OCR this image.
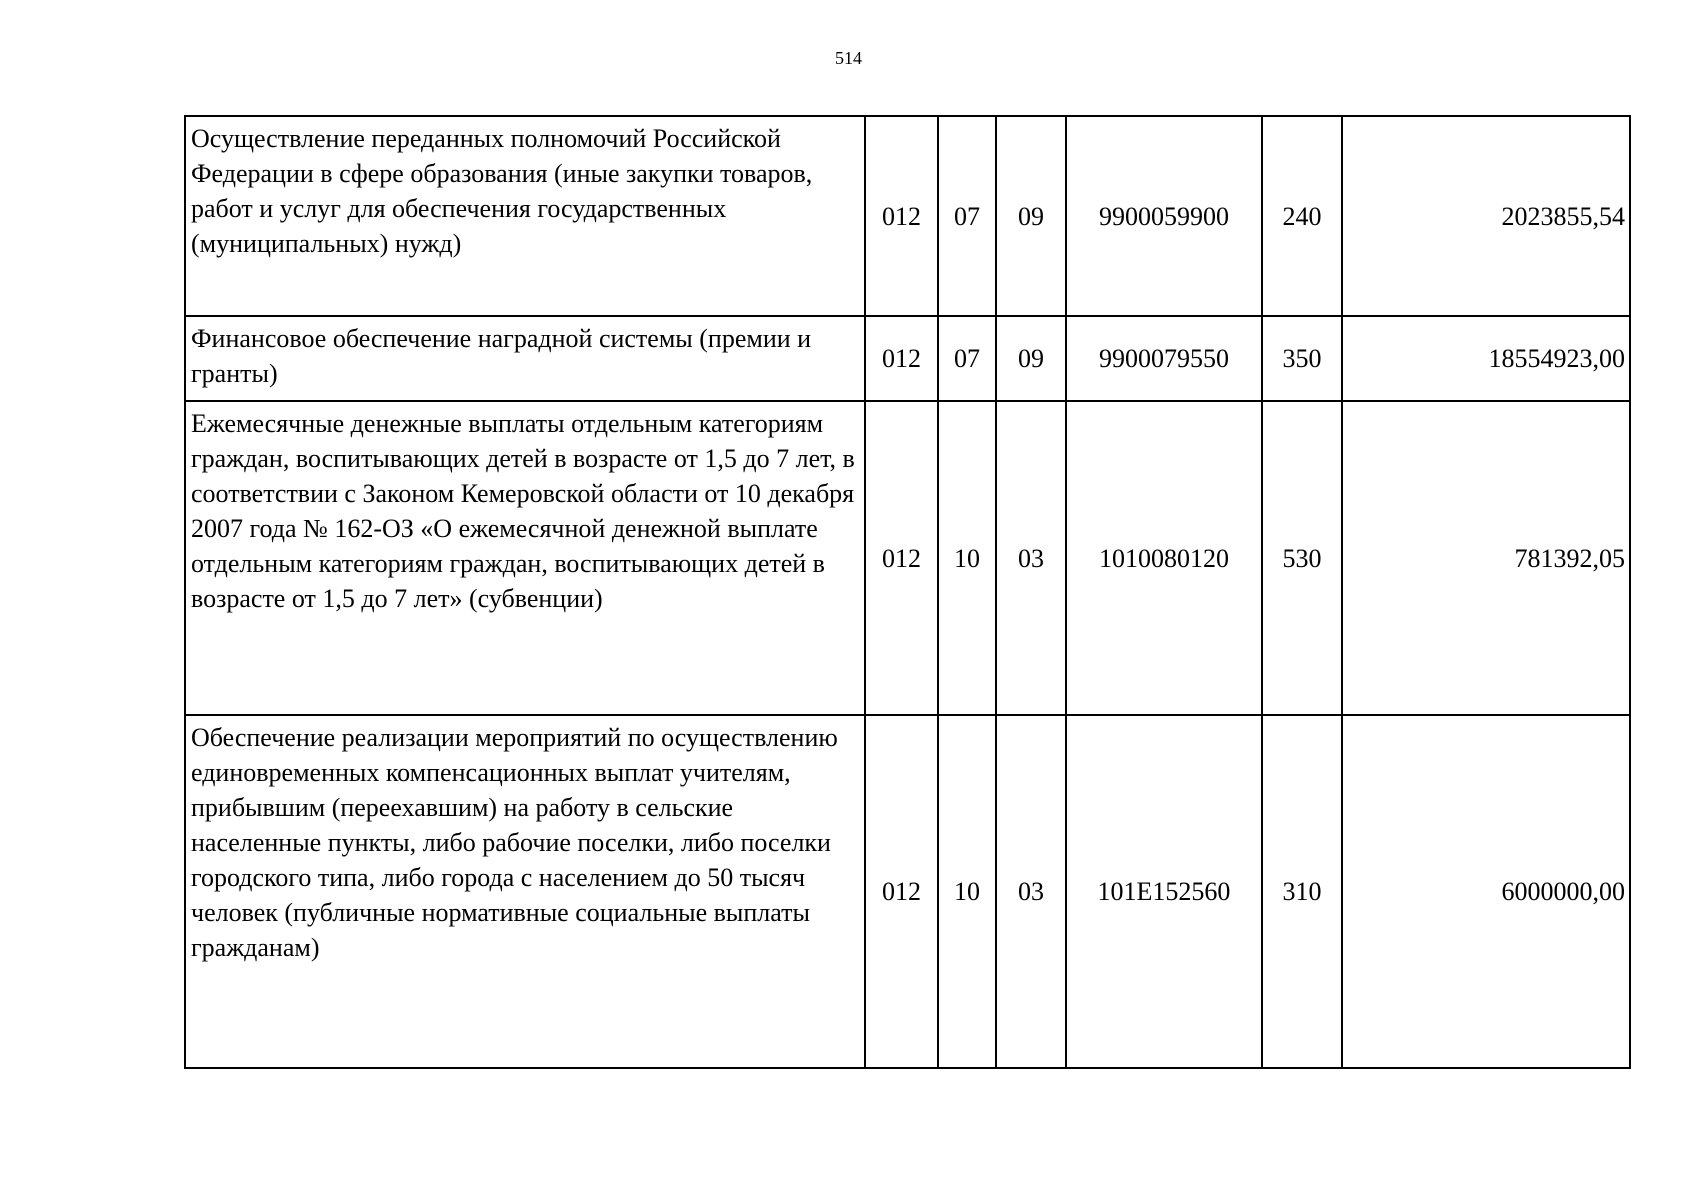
514
Осуществление переданных полномочий Российской Федерации в сфере образования (иные закупки товаров, работ и услуг для обеспечения государственных (муниципальных) нужд)	012	07	09	9900059900	240	2023855,54
Финансовое обеспечение наградной системы (премии и гранты)	012	07	09	9900079550	350	18554923,00
Ежемесячные денежные выплаты отдельным категориям граждан, воспитывающих детей в возрасте от 1,5 до 7 лет, в соответствии с Законом Кемеровской области от 10 декабря 2007 года № 162-ОЗ «О ежемесячной денежной выплате отдельным категориям граждан, воспитывающих детей в возрасте от 1,5 до 7 лет» (субвенции)	012	10	03	1010080120	530	781392,05
Обеспечение реализации мероприятий по осуществлению единовременных компенсационных выплат учителям, прибывшим (переехавшим) на работу в сельские населенные пункты, либо рабочие поселки, либо поселки городского типа, либо города с населением до 50 тысяч человек (публичные нормативные социальные выплаты гражданам)	012	10	03	101E152560	310	6000000,00
